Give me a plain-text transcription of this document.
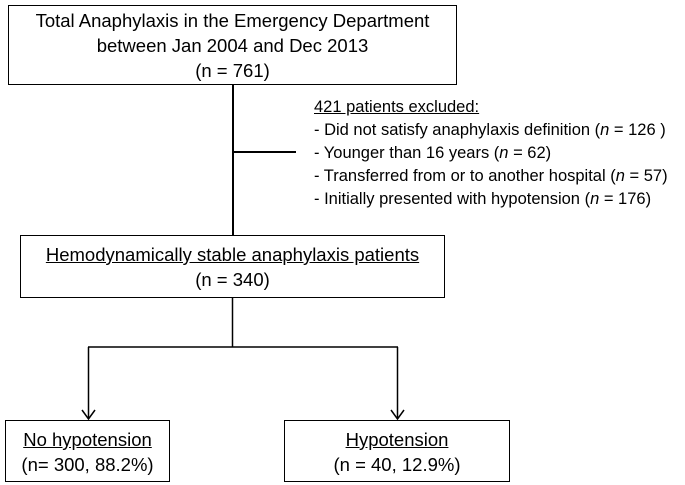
Total Anaphylaxis in the Emergency Department
between Jan 2004 and Dec 2013
(n = 761)
421 patients excluded:
- Did not satisfy anaphylaxis definition (n = 126 )
- Younger than 16 years (n = 62)
- Transferred from or to another hospital (n = 57)
- Initially presented with hypotension (n = 176)
Hemodynamically stable anaphylaxis patients
(n = 340)
No hypotension
(n= 300, 88.2%)
Hypotension
(n = 40, 12.9%)
